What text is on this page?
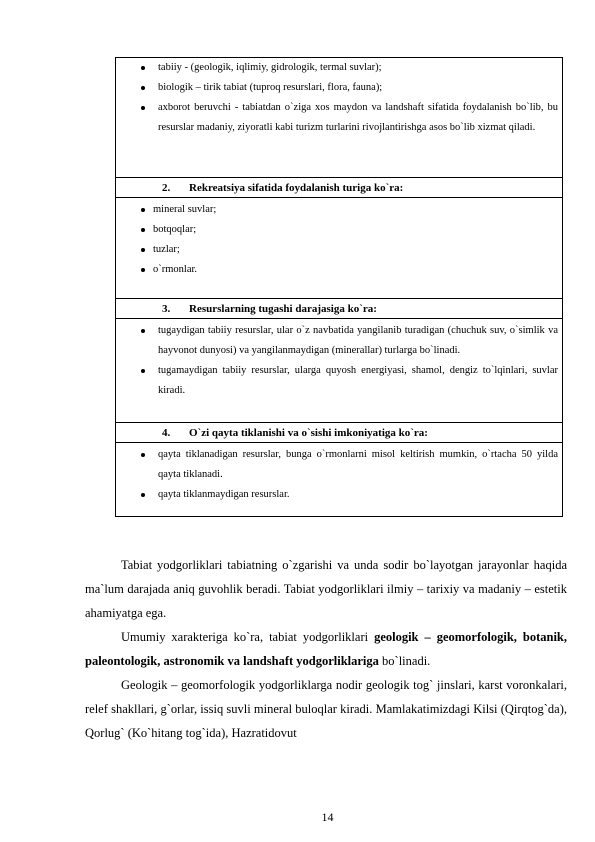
tabiiy - (geologik, iqlimiy, gidrologik, termal suvlar);
biologik – tirik tabiat (tuproq resurslari, flora, fauna);
axborot beruvchi - tabiatdan o`ziga xos maydon va landshaft sifatida foydalanish bo`lib, bu resurslar madaniy, ziyoratli kabi turizm turlarini rivojlantirishga asos bo`lib xizmat qiladi.
2. Rekreatsiya sifatida foydalanish turiga ko`ra:
mineral suvlar;
botqoqlar;
tuzlar;
o`rmonlar.
3. Resurslarning tugashi darajasiga ko`ra:
tugaydigan tabiiy resurslar, ular o`z navbatida yangilanib turadigan (chuchuk suv, o`simlik va hayvonot dunyosi) va yangilanmaydigan (minerallar) turlarga bo`linadi.
tugamaydigan tabiiy resurslar, ularga quyosh energiyasi, shamol, dengiz to`lqinlari, suvlar kiradi.
4. O`zi qayta tiklanishi va o`sishi imkoniyatiga ko`ra:
qayta tiklanadigan resurslar, bunga o`rmonlarni misol keltirish mumkin, o`rtacha 50 yilda qayta tiklanadi.
qayta tiklanmaydigan resurslar.

Tabiat yodgorliklari tabiatning o`zgarishi va unda sodir bo`layotgan jarayonlar haqida ma`lum darajada aniq guvohlik beradi. Tabiat yodgorliklari ilmiy – tarixiy va madaniy – estetik ahamiyatga ega.

Umumiy xarakteriga ko`ra, tabiat yodgorliklari geologik – geomorfologik, botanik, paleontologik, astronomik va landshaft yodgorliklariga bo`linadi.

Geologik – geomorfologik yodgorliklarga nodir geologik tog` jinslari, karst voronkalari, relef shakllari, g`orlar, issiq suvli mineral buloqlar kiradi. Mamlakatimizdagi Kilsi (Qirqtog`da), Qorlug` (Ko`hitang tog`ida), Hazratidovut

14
